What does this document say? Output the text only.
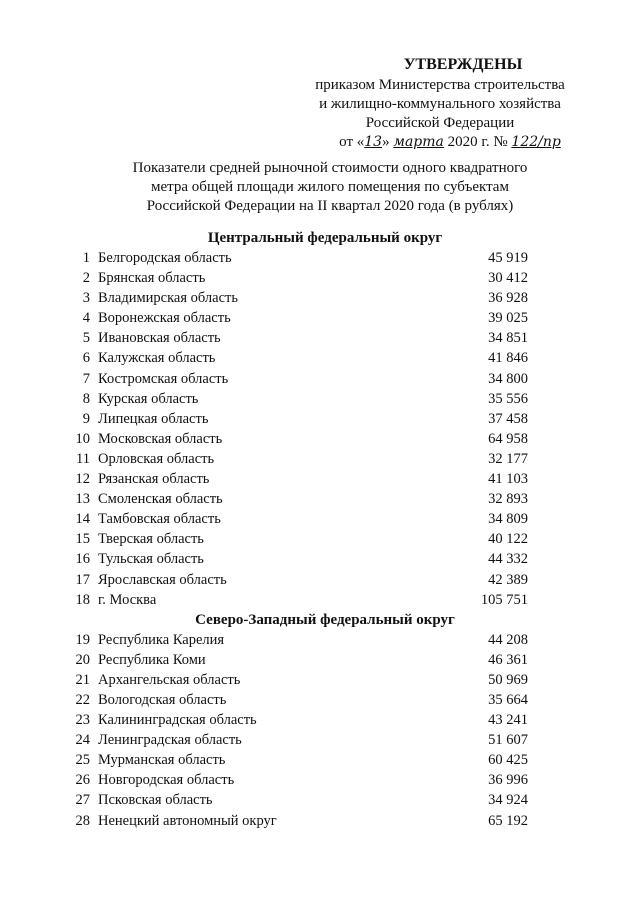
УТВЕРЖДЕНЫ
приказом Министерства строительства
и жилищно-коммунального хозяйства
Российской Федерации
от «13» марта 2020 г. № 122/пр
Показатели средней рыночной стоимости одного квадратного
метра общей площади жилого помещения по субъектам
Российской Федерации на II квартал 2020 года (в рублях)
Центральный федеральный округ
1 Белгородская область	45 919
2 Брянская область	30 412
3 Владимирская область	36 928
4 Воронежская область	39 025
5 Ивановская область	34 851
6 Калужская область	41 846
7 Костромская область	34 800
8 Курская область	35 556
9 Липецкая область	37 458
10 Московская область	64 958
11 Орловская область	32 177
12 Рязанская область	41 103
13 Смоленская область	32 893
14 Тамбовская область	34 809
15 Тверская область	40 122
16 Тульская область	44 332
17 Ярославская область	42 389
18 г. Москва	105 751
Северо-Западный федеральный округ
19 Республика Карелия	44 208
20 Республика Коми	46 361
21 Архангельская область	50 969
22 Вологодская область	35 664
23 Калининградская область	43 241
24 Ленинградская область	51 607
25 Мурманская область	60 425
26 Новгородская область	36 996
27 Псковская область	34 924
28 Ненецкий автономный округ	65 192
